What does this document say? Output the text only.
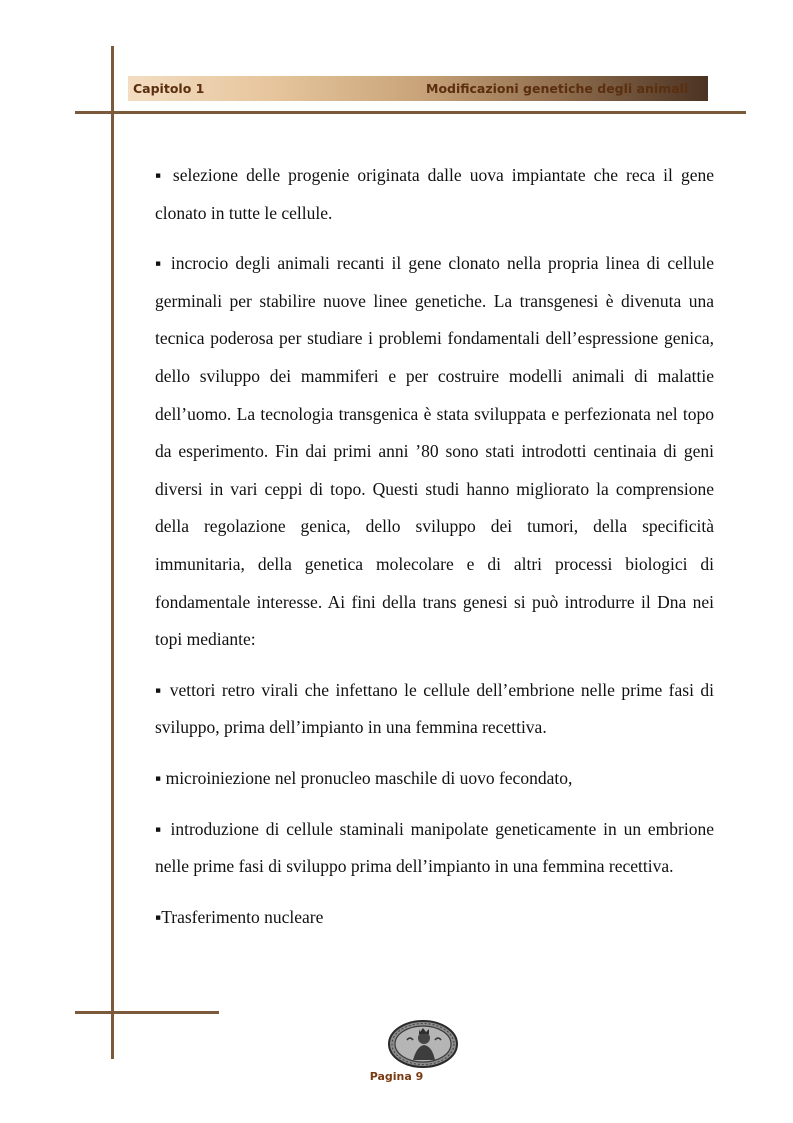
Capitolo 1	Modificazioni genetiche degli animali

▪ selezione delle progenie originata dalle uova impiantate che reca il gene clonato in tutte le cellule.

▪ incrocio degli animali recanti il gene clonato nella propria linea di cellule germinali per stabilire nuove linee genetiche. La transgenesi è divenuta una tecnica poderosa per studiare i problemi fondamentali dell’espressione genica, dello sviluppo dei mammiferi e per costruire modelli animali di malattie dell’uomo. La tecnologia transgenica è stata sviluppata e perfezionata nel topo da esperimento. Fin dai primi anni ’80 sono stati introdotti centinaia di geni diversi in vari ceppi di topo. Questi studi hanno migliorato la comprensione della regolazione genica, dello sviluppo dei tumori, della specificità immunitaria, della genetica molecolare e di altri processi biologici di fondamentale interesse. Ai fini della trans genesi si può introdurre il Dna nei topi mediante:

▪ vettori retro virali che infettano le cellule dell’embrione nelle prime fasi di sviluppo, prima dell’impianto in una femmina recettiva.

▪ microiniezione nel pronucleo maschile di uovo fecondato,

▪ introduzione di cellule staminali manipolate geneticamente in un embrione nelle prime fasi di sviluppo prima dell’impianto in una femmina recettiva.

▪Trasferimento nucleare

Pagina 9
